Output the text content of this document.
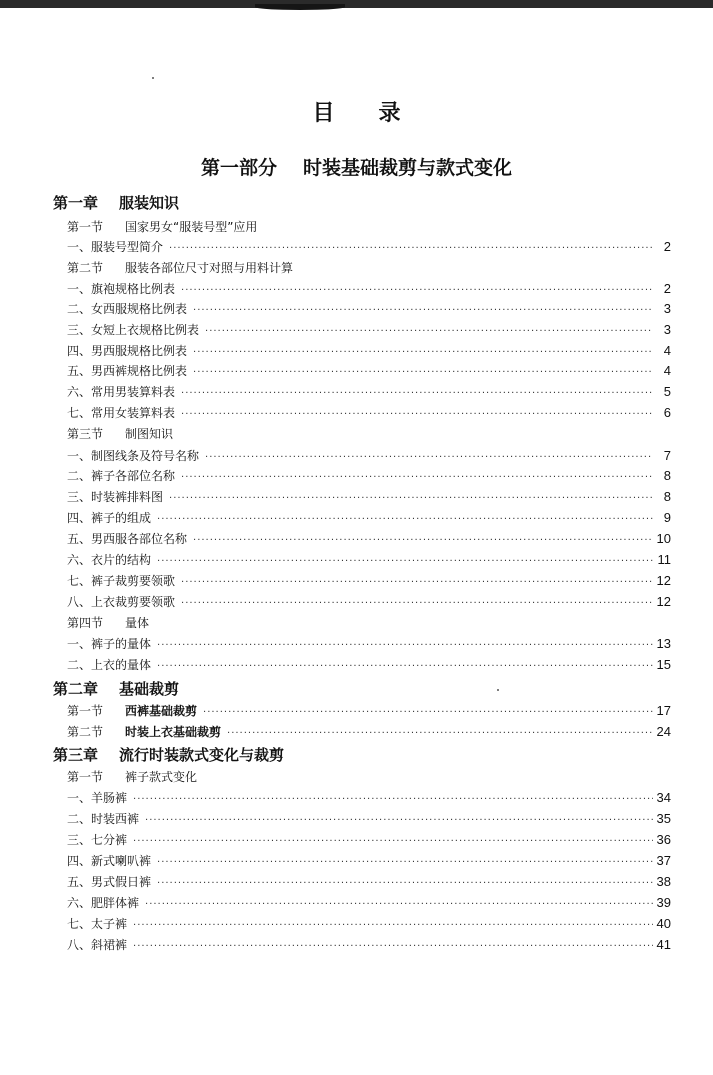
目 录
第一部分 时装基础裁剪与款式变化
第一章 服装知识
第一节 国家男女“服装号型”应用
一、服装号型简介 ·····	2
第二节 服装各部位尺寸对照与用料计算
一、旗袍规格比例表 ·····	2
二、女西服规格比例表 ·····	3
三、女短上衣规格比例表 ·····	3
四、男西服规格比例表 ·····	4
五、男西裤规格比例表 ·····	4
六、常用男装算料表 ·····	5
七、常用女装算料表 ·····	6
第三节 制图知识
一、制图线条及符号名称 ·····	7
二、裤子各部位名称 ·····	8
三、时装裤排料图 ·····	8
四、裤子的组成 ·····	9
五、男西服各部位名称 ·····	10
六、衣片的结构 ·····	11
七、裤子裁剪要领歌 ·····	12
八、上衣裁剪要领歌 ·····	12
第四节 量体
一、裤子的量体 ·····	13
二、上衣的量体 ·····	15
第二章 基础裁剪
第一节 西裤基础裁剪 ·····	17
第二节 时装上衣基础裁剪 ·····	24
第三章 流行时装款式变化与裁剪
第一节 裤子款式变化
一、羊肠裤 ·····	34
二、时装西裤 ·····	35
三、七分裤 ·····	36
四、新式喇叭裤 ·····	37
五、男式假日裤 ·····	38
六、肥胖体裤 ·····	39
七、太子裤 ·····	40
八、斜裙裤 ·····	41
